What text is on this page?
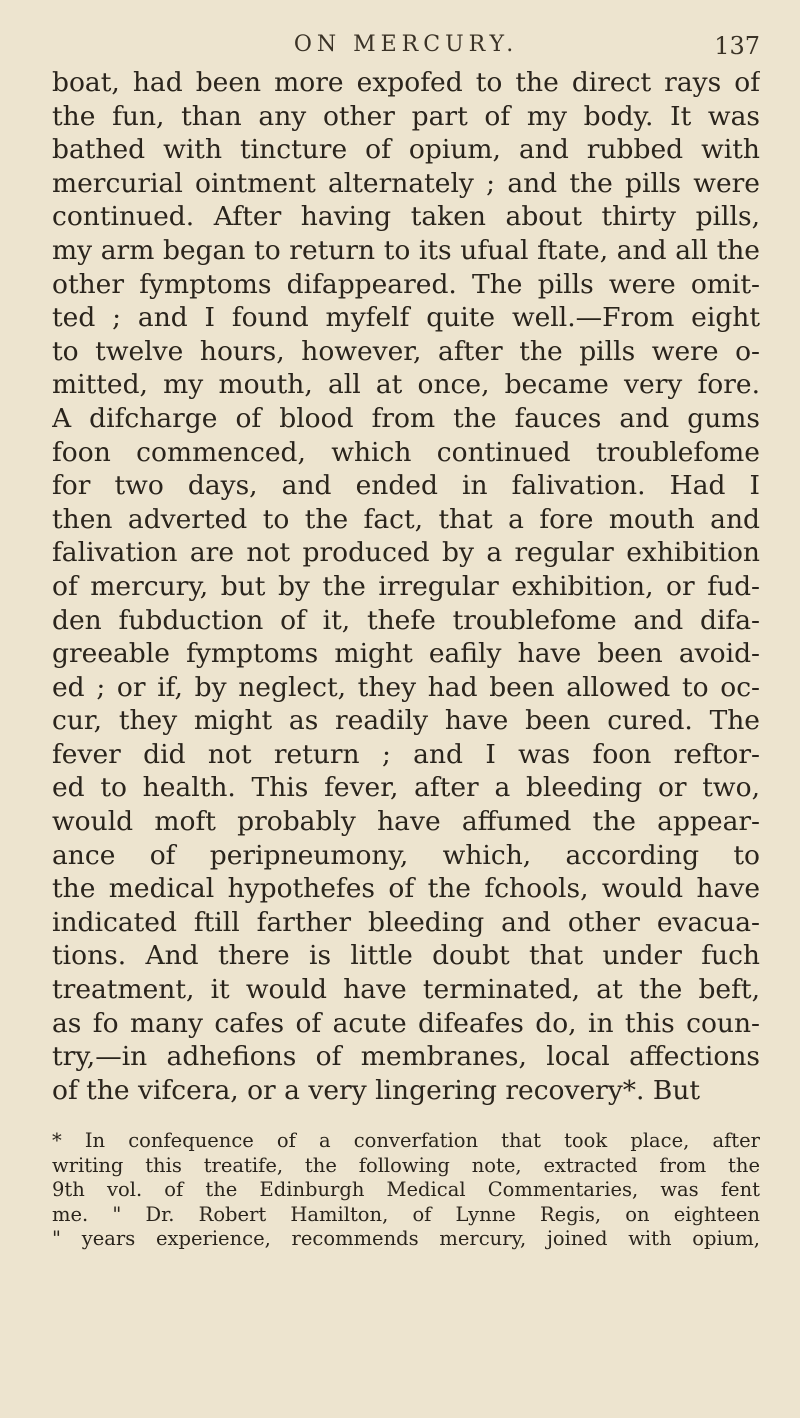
ON MERCURY.	137
boat, had been more expofed to the direct rays of
the fun, than any other part of my body. It was
bathed with tincture of opium, and rubbed with
mercurial ointment alternately ; and the pills were
continued. After having taken about thirty pills,
my arm began to return to its ufual ftate, and all the
other fymptoms difappeared. The pills were omit-
ted ; and I found myfelf quite well.—From eight
to twelve hours, however, after the pills were o-
mitted, my mouth, all at once, became very fore.
A difcharge of blood from the fauces and gums
foon commenced, which continued troublefome
for two days, and ended in falivation. Had I
then adverted to the fact, that a fore mouth and
falivation are not produced by a regular exhibition
of mercury, but by the irregular exhibition, or fud-
den fubduction of it, thefe troublefome and difa-
greeable fymptoms might eafily have been avoid-
ed ; or if, by neglect, they had been allowed to oc-
cur, they might as readily have been cured. The
fever did not return ; and I was foon reftor-
ed to health. This fever, after a bleeding or two,
would moft probably have affumed the appear-
ance of peripneumony, which, according to
the medical hypothefes of the fchools, would have
indicated ftill farther bleeding and other evacua-
tions. And there is little doubt that under fuch
treatment, it would have terminated, at the beft,
as fo many cafes of acute difeafes do, in this coun-
try,—in adhefions of membranes, local affections
of the vifcera, or a very lingering recovery*. But
* In confequence of a converfation that took place, after
writing this treatife, the following note, extracted from the
9th vol. of the Edinburgh Medical Commentaries, was fent
me. " Dr. Robert Hamilton, of Lynne Regis, on eighteen
" years experience, recommends mercury, joined with opium,
